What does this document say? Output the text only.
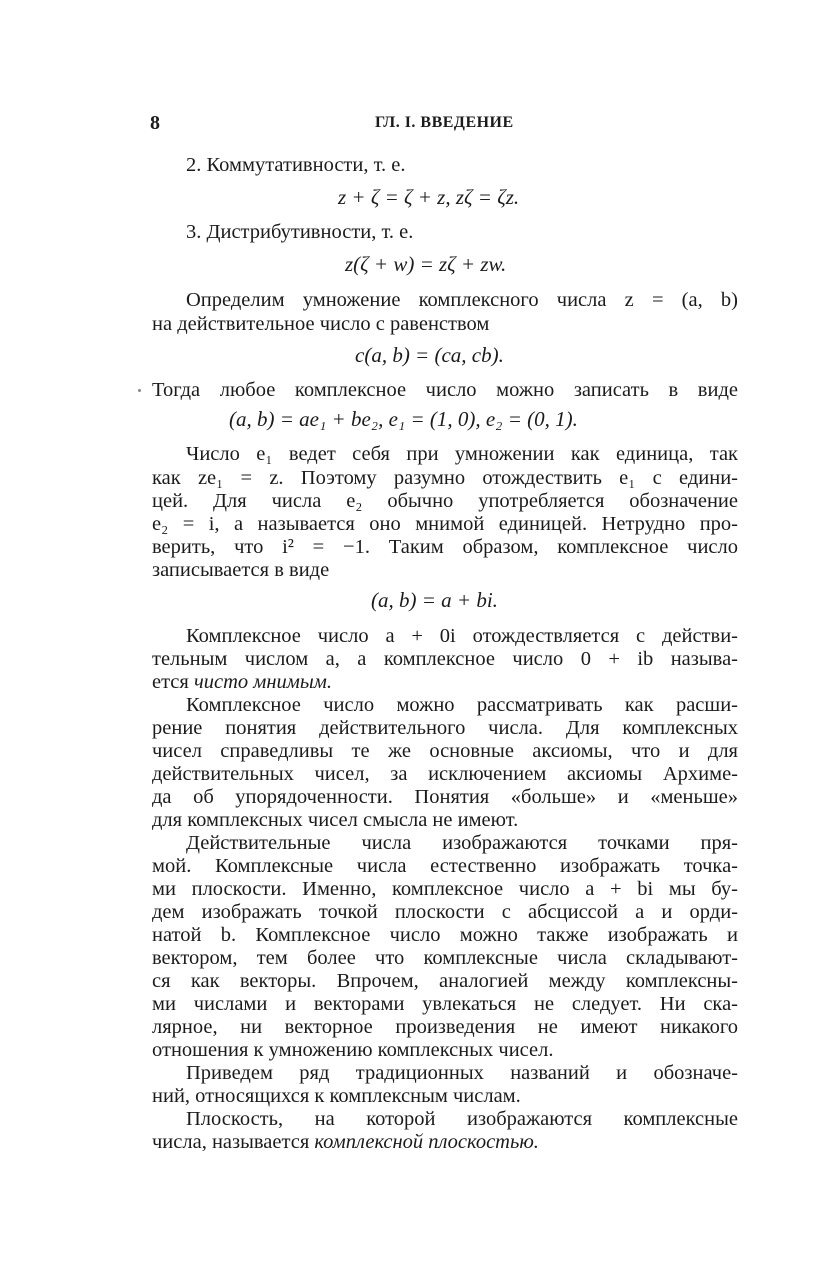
8	ГЛ. I. ВВЕДЕНИЕ
2. Коммутативности, т. е.
z + ζ = ζ + z, zζ = ζz.
3. Дистрибутивности, т. е.
z(ζ + w) = zζ + zw.
Определим умножение комплексного числа z = (a, b)
на действительное число c равенством
c(a, b) = (ca, cb).
Тогда любое комплексное число можно записать в виде
(a, b) = ae₁ + be₂, e₁ = (1, 0), e₂ = (0, 1).
Число e₁ ведет себя при умножении как единица, так
как ze₁ = z. Поэтому разумно отождествить e₁ с едини-
цей. Для числа e₂ обычно употребляется обозначение
e₂ = i, а называется оно мнимой единицей. Нетрудно про-
верить, что i² = −1. Таким образом, комплексное число
записывается в виде
(a, b) = a + bi.
Комплексное число a + 0i отождествляется с действи-
тельным числом a, а комплексное число 0 + ib называ-
ется чисто мнимым.
Комплексное число можно рассматривать как расши-
рение понятия действительного числа. Для комплексных
чисел справедливы те же основные аксиомы, что и для
действительных чисел, за исключением аксиомы Архиме-
да об упорядоченности. Понятия «больше» и «меньше»
для комплексных чисел смысла не имеют.
Действительные числа изображаются точками пря-
мой. Комплексные числа естественно изображать точка-
ми плоскости. Именно, комплексное число a + bi мы бу-
дем изображать точкой плоскости с абсциссой a и орди-
натой b. Комплексное число можно также изображать и
вектором, тем более что комплексные числа складывают-
ся как векторы. Впрочем, аналогией между комплексны-
ми числами и векторами увлекаться не следует. Ни ска-
лярное, ни векторное произведения не имеют никакого
отношения к умножению комплексных чисел.
Приведем ряд традиционных названий и обозначе-
ний, относящихся к комплексным числам.
Плоскость, на которой изображаются комплексные
числа, называется комплексной плоскостью.
